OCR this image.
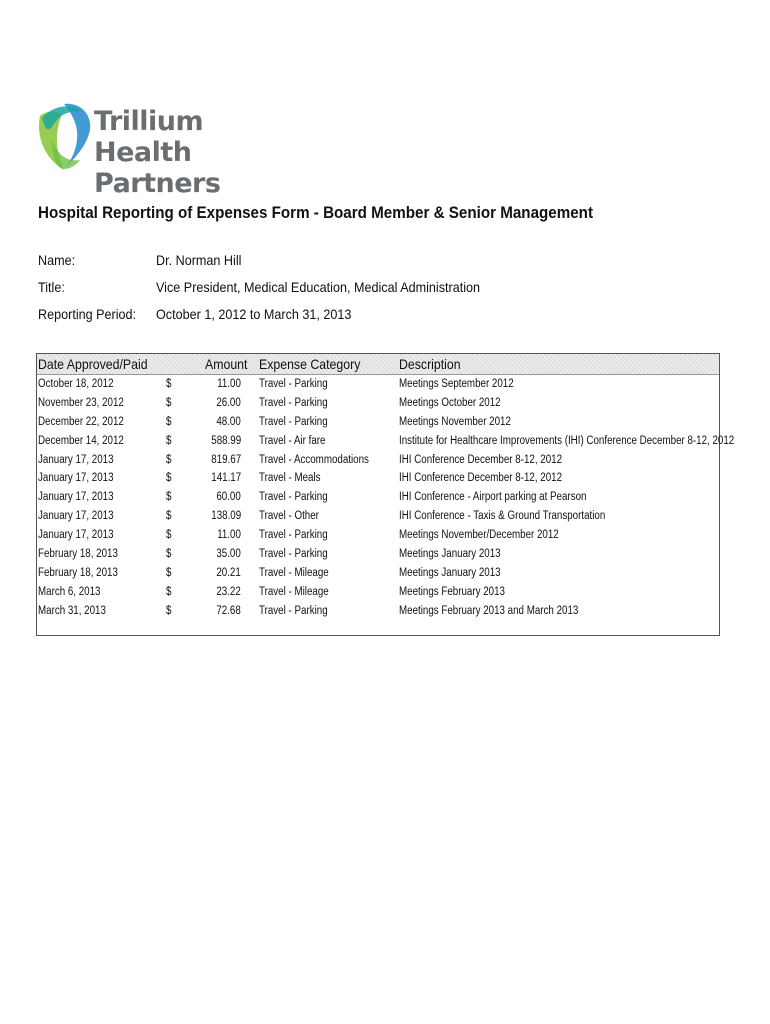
Trillium
Health Partners
Hospital Reporting of Expenses Form - Board Member & Senior Management
Name:	Dr. Norman Hill
Title:	Vice President, Medical Education, Medical Administration
Reporting Period: October 1, 2012 to March 31, 2013
Date Approved/Paid	Amount Expense Category	Description
October 18, 2012	$	11.00 Travel - Parking	Meetings September 2012
November 23, 2012	$	26.00 Travel - Parking	Meetings October 2012
December 22, 2012	$	48.00 Travel - Parking	Meetings November 2012
December 14, 2012	$	588.99 Travel - Air fare	Institute for Healthcare Improvements (IHI) Conference December 8-12, 2012
January 17, 2013	$	819.67 Travel - Accommodations	IHI Conference December 8-12, 2012
January 17, 2013	$	141.17 Travel - Meals	IHI Conference December 8-12, 2012
January 17, 2013	$	60.00 Travel - Parking	IHI Conference - Airport parking at Pearson
January 17, 2013	$	138.09 Travel - Other	IHI Conference - Taxis & Ground Transportation
January 17, 2013	$	11.00 Travel - Parking	Meetings November/December 2012
February 18, 2013	$	35.00 Travel - Parking	Meetings January 2013
February 18, 2013	$	20.21 Travel - Mileage	Meetings January 2013
March 6, 2013	$	23.22 Travel - Mileage	Meetings February 2013
March 31, 2013	$	72.68 Travel - Parking	Meetings February 2013 and March 2013
